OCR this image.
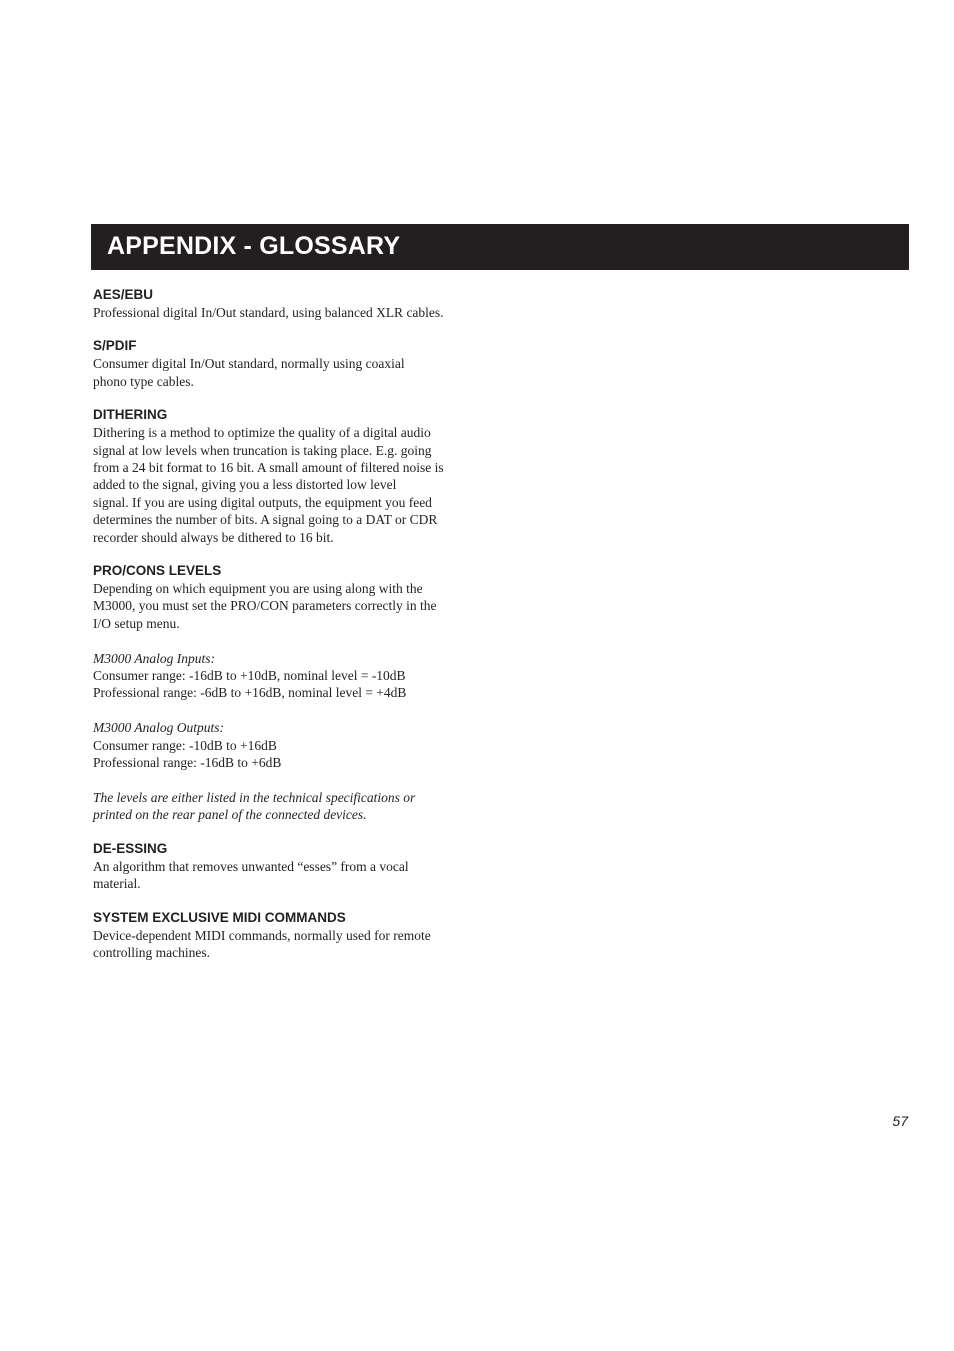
APPENDIX - GLOSSARY
AES/EBU
Professional digital In/Out standard, using balanced XLR cables.
S/PDIF
Consumer digital In/Out standard, normally using coaxial
phono type cables.
DITHERING
Dithering is a method to optimize the quality of a digital audio
signal at low levels when truncation is taking place. E.g. going
from a 24 bit format to 16 bit. A small amount of filtered noise is
added to the signal, giving you a less distorted low level
signal. If you are using digital outputs, the equipment you feed
determines the number of bits. A signal going to a DAT or CDR
recorder should always be dithered to 16 bit.
PRO/CONS LEVELS
Depending on which equipment you are using along with the
M3000, you must set the PRO/CON parameters correctly in the
I/O setup menu.
M3000 Analog Inputs:
Consumer range: -16dB to +10dB, nominal level = -10dB
Professional range: -6dB to +16dB, nominal level = +4dB
M3000 Analog Outputs:
Consumer range: -10dB to +16dB
Professional range: -16dB to +6dB
The levels are either listed in the technical specifications or
printed on the rear panel of the connected devices.
DE-ESSING
An algorithm that removes unwanted “esses” from a vocal
material.
SYSTEM EXCLUSIVE MIDI COMMANDS
Device-dependent MIDI commands, normally used for remote
controlling machines.
57
